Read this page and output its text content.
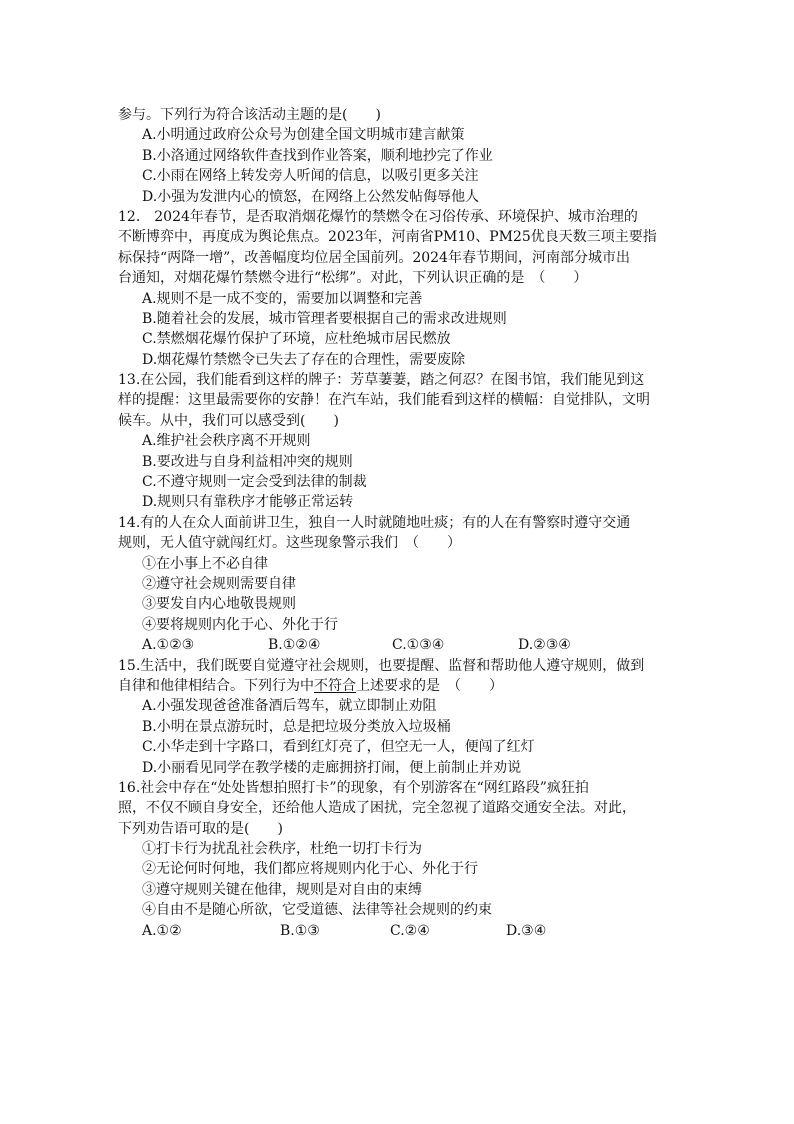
参与。下列行为符合该活动主题的是(　　)
A.小明通过政府公众号为创建全国文明城市建言献策
B.小洛通过网络软件查找到作业答案，顺利地抄完了作业
C.小雨在网络上转发旁人听闻的信息，以吸引更多关注
D.小强为发泄内心的愤怒，在网络上公然发帖侮辱他人
12.　2024年春节，是否取消烟花爆竹的禁燃令在习俗传承、环境保护、城市治理的
不断博弈中，再度成为舆论焦点。2023年，河南省PM10、PM25优良天数三项主要指
标保持“两降一增”，改善幅度均位居全国前列。2024年春节期间，河南部分城市出
台通知，对烟花爆竹禁燃令进行“松绑”。对此，下列认识正确的是　（　　）
A.规则不是一成不变的，需要加以调整和完善
B.随着社会的发展，城市管理者要根据自己的需求改进规则
C.禁燃烟花爆竹保护了环境，应杜绝城市居民燃放
D.烟花爆竹禁燃令已失去了存在的合理性，需要废除
13.在公园，我们能看到这样的牌子：芳草萋萋，踏之何忍？在图书馆，我们能见到这
样的提醒：这里最需要你的安静！在汽车站，我们能看到这样的横幅：自觉排队，文明
候车。从中，我们可以感受到(　　)
A.维护社会秩序离不开规则
B.要改进与自身利益相冲突的规则
C.不遵守规则一定会受到法律的制裁
D.规则只有靠秩序才能够正常运转
14.有的人在众人面前讲卫生，独自一人时就随地吐痰；有的人在有警察时遵守交通
规则，无人值守就闯红灯。这些现象警示我们　（　　）
①在小事上不必自律
②遵守社会规则需要自律
③要发自内心地敬畏规则
④要将规则内化于心、外化于行
A.①②③	B.①②④	C.①③④	D.②③④
15.生活中，我们既要自觉遵守社会规则，也要提醒、监督和帮助他人遵守规则，做到
自律和他律相结合。下列行为中不符合上述要求的是　（　　）
A.小强发现爸爸准备酒后驾车，就立即制止劝阻
B.小明在景点游玩时，总是把垃圾分类放入垃圾桶
C.小华走到十字路口，看到红灯亮了，但空无一人，便闯了红灯
D.小丽看见同学在教学楼的走廊拥挤打闹，便上前制止并劝说
16.社会中存在“处处皆想拍照打卡”的现象，有个别游客在“网红路段”疯狂拍
照，不仅不顾自身安全，还给他人造成了困扰，完全忽视了道路交通安全法。对此，
下列劝告语可取的是(　　)
①打卡行为扰乱社会秩序，杜绝一切打卡行为
②无论何时何地，我们都应将规则内化于心、外化于行
③遵守规则关键在他律，规则是对自由的束缚
④自由不是随心所欲，它受道德、法律等社会规则的约束
A.①②	B.①③	C.②④	D.③④
